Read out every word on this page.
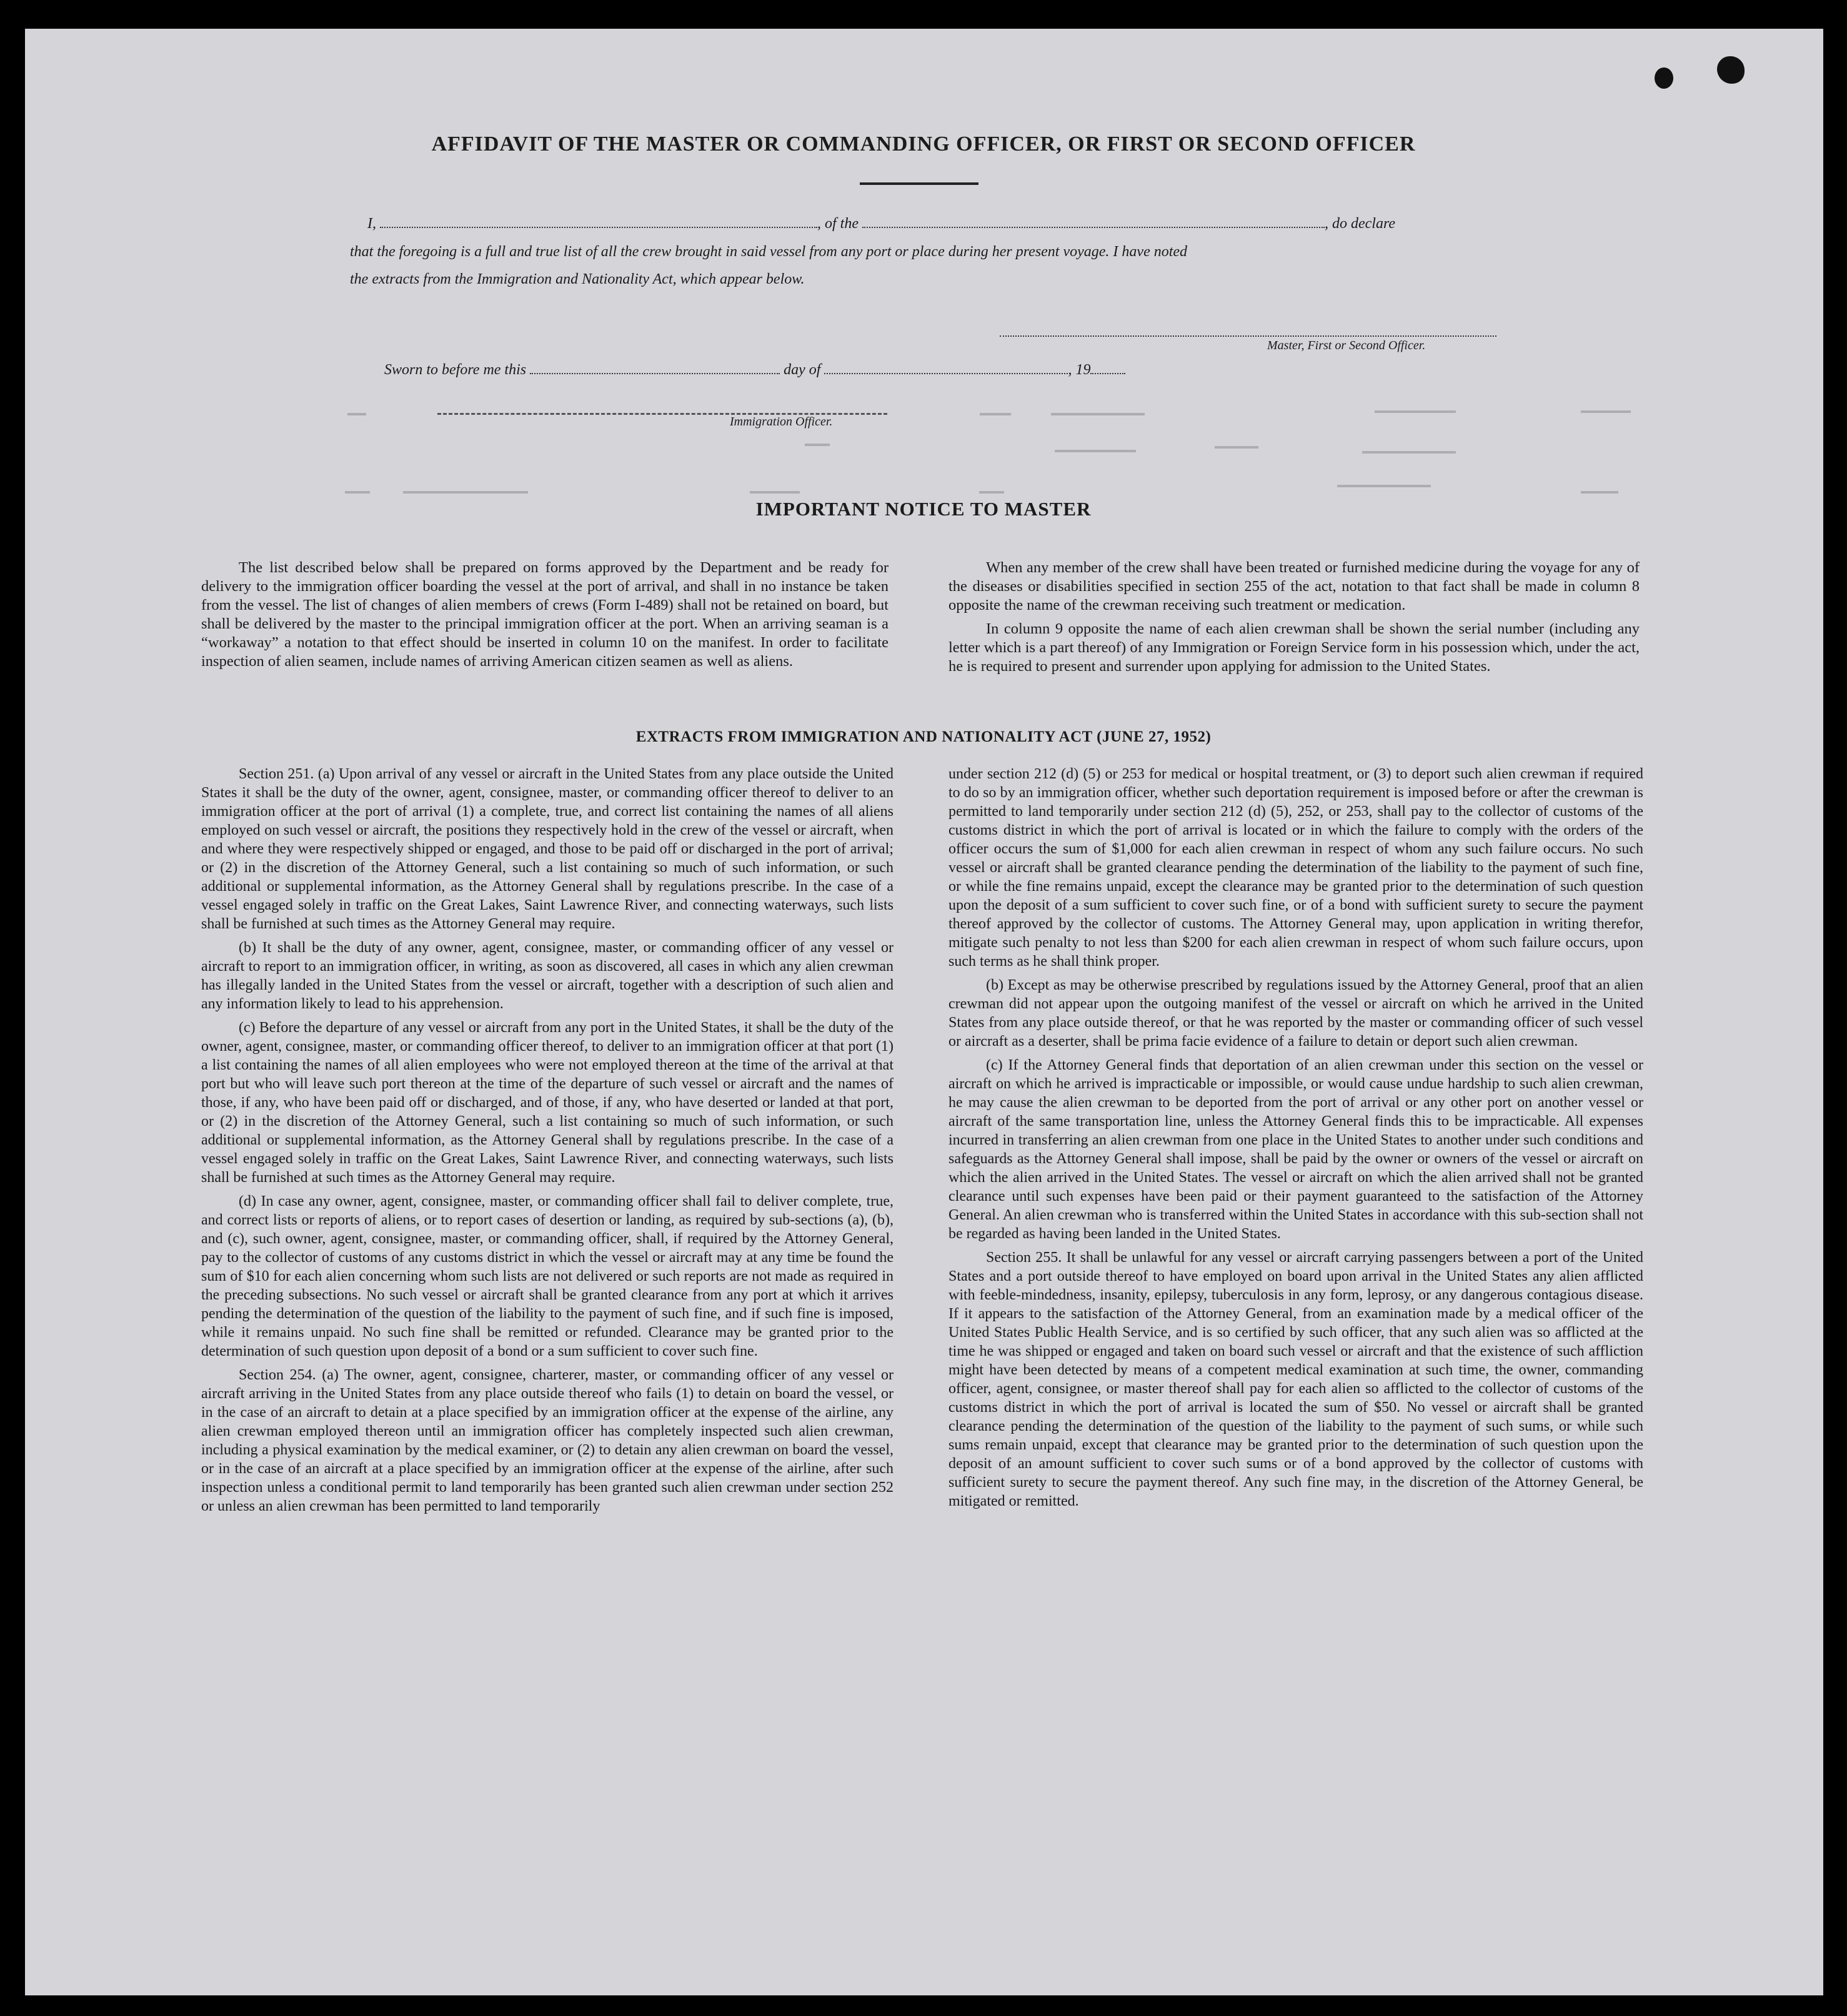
AFFIDAVIT OF THE MASTER OR COMMANDING OFFICER, OR FIRST OR SECOND OFFICER
I,	, of the	, do declare
that the foregoing is a full and true list of all the crew brought in said vessel from any port or place during her present voyage. I have noted
the extracts from the Immigration and Nationality Act, which appear below.
Master, First or Second Officer.
Sworn to before me this	day of	, 19
Immigration Officer.
IMPORTANT NOTICE TO MASTER

The list described below shall be prepared on forms approved by the Department and be ready for delivery to the immigration officer boarding the vessel at the port of arrival, and shall in no instance be taken from the vessel. The list of changes of alien members of crews (Form I-489) shall not be retained on board, but shall be delivered by the master to the principal immigration officer at the port. When an arriving seaman is a “workaway” a notation to that effect should be inserted in column 10 on the manifest. In order to facilitate inspection of alien seamen, include names of arriving American citizen seamen as well as aliens.

When any member of the crew shall have been treated or furnished medicine during the voyage for any of the diseases or disabilities specified in section 255 of the act, notation to that fact shall be made in column 8 opposite the name of the crewman receiving such treatment or medication.

In column 9 opposite the name of each alien crewman shall be shown the serial number (including any letter which is a part thereof) of any Immigration or Foreign Service form in his possession which, under the act, he is required to present and surrender upon applying for admission to the United States.

EXTRACTS FROM IMMIGRATION AND NATIONALITY ACT (JUNE 27, 1952)

Section 251. (a) Upon arrival of any vessel or aircraft in the United States from any place outside the United States it shall be the duty of the owner, agent, consignee, master, or commanding officer thereof to deliver to an immigration officer at the port of arrival (1) a complete, true, and correct list containing the names of all aliens employed on such vessel or aircraft, the positions they respectively hold in the crew of the vessel or aircraft, when and where they were respectively shipped or engaged, and those to be paid off or discharged in the port of arrival; or (2) in the discretion of the Attorney General, such a list containing so much of such information, or such additional or supplemental information, as the Attorney General shall by regulations prescribe. In the case of a vessel engaged solely in traffic on the Great Lakes, Saint Lawrence River, and connecting waterways, such lists shall be furnished at such times as the Attorney General may require.

(b) It shall be the duty of any owner, agent, consignee, master, or commanding officer of any vessel or aircraft to report to an immigration officer, in writing, as soon as discovered, all cases in which any alien crewman has illegally landed in the United States from the vessel or aircraft, together with a description of such alien and any information likely to lead to his apprehension.

(c) Before the departure of any vessel or aircraft from any port in the United States, it shall be the duty of the owner, agent, consignee, master, or commanding officer thereof, to deliver to an immigration officer at that port (1) a list containing the names of all alien employees who were not employed thereon at the time of the arrival at that port but who will leave such port thereon at the time of the departure of such vessel or aircraft and the names of those, if any, who have been paid off or discharged, and of those, if any, who have deserted or landed at that port, or (2) in the discretion of the Attorney General, such a list containing so much of such information, or such additional or supplemental information, as the Attorney General shall by regulations prescribe. In the case of a vessel engaged solely in traffic on the Great Lakes, Saint Lawrence River, and connecting waterways, such lists shall be furnished at such times as the Attorney General may require.

(d) In case any owner, agent, consignee, master, or commanding officer shall fail to deliver complete, true, and correct lists or reports of aliens, or to report cases of desertion or landing, as required by sub-sections (a), (b), and (c), such owner, agent, consignee, master, or commanding officer, shall, if required by the Attorney General, pay to the collector of customs of any customs district in which the vessel or aircraft may at any time be found the sum of $10 for each alien concerning whom such lists are not delivered or such reports are not made as required in the preceding subsections. No such vessel or aircraft shall be granted clearance from any port at which it arrives pending the determination of the question of the liability to the payment of such fine, and if such fine is imposed, while it remains unpaid. No such fine shall be remitted or refunded. Clearance may be granted prior to the determination of such question upon deposit of a bond or a sum sufficient to cover such fine.

Section 254. (a) The owner, agent, consignee, charterer, master, or commanding officer of any vessel or aircraft arriving in the United States from any place outside thereof who fails (1) to detain on board the vessel, or in the case of an aircraft to detain at a place specified by an immigration officer at the expense of the airline, any alien crewman employed thereon until an immigration officer has completely inspected such alien crewman, including a physical examination by the medical examiner, or (2) to detain any alien crewman on board the vessel, or in the case of an aircraft at a place specified by an immigration officer at the expense of the airline, after such inspection unless a conditional permit to land temporarily has been granted such alien crewman under section 252 or unless an alien crewman has been permitted to land temporarily

under section 212 (d) (5) or 253 for medical or hospital treatment, or (3) to deport such alien crewman if required to do so by an immigration officer, whether such deportation requirement is imposed before or after the crewman is permitted to land temporarily under section 212 (d) (5), 252, or 253, shall pay to the collector of customs of the customs district in which the port of arrival is located or in which the failure to comply with the orders of the officer occurs the sum of $1,000 for each alien crewman in respect of whom any such failure occurs. No such vessel or aircraft shall be granted clearance pending the determination of the liability to the payment of such fine, or while the fine remains unpaid, except the clearance may be granted prior to the determination of such question upon the deposit of a sum sufficient to cover such fine, or of a bond with sufficient surety to secure the payment thereof approved by the collector of customs. The Attorney General may, upon application in writing therefor, mitigate such penalty to not less than $200 for each alien crewman in respect of whom such failure occurs, upon such terms as he shall think proper.

(b) Except as may be otherwise prescribed by regulations issued by the Attorney General, proof that an alien crewman did not appear upon the outgoing manifest of the vessel or aircraft on which he arrived in the United States from any place outside thereof, or that he was reported by the master or commanding officer of such vessel or aircraft as a deserter, shall be prima facie evidence of a failure to detain or deport such alien crewman.

(c) If the Attorney General finds that deportation of an alien crewman under this section on the vessel or aircraft on which he arrived is impracticable or impossible, or would cause undue hardship to such alien crewman, he may cause the alien crewman to be deported from the port of arrival or any other port on another vessel or aircraft of the same transportation line, unless the Attorney General finds this to be impracticable. All expenses incurred in transferring an alien crewman from one place in the United States to another under such conditions and safeguards as the Attorney General shall impose, shall be paid by the owner or owners of the vessel or aircraft on which the alien arrived in the United States. The vessel or aircraft on which the alien arrived shall not be granted clearance until such expenses have been paid or their payment guaranteed to the satisfaction of the Attorney General. An alien crewman who is transferred within the United States in accordance with this sub-section shall not be regarded as having been landed in the United States.

Section 255. It shall be unlawful for any vessel or aircraft carrying passengers between a port of the United States and a port outside thereof to have employed on board upon arrival in the United States any alien afflicted with feeble-mindedness, insanity, epilepsy, tuberculosis in any form, leprosy, or any dangerous contagious disease. If it appears to the satisfaction of the Attorney General, from an examination made by a medical officer of the United States Public Health Service, and is so certified by such officer, that any such alien was so afflicted at the time he was shipped or engaged and taken on board such vessel or aircraft and that the existence of such affliction might have been detected by means of a competent medical examination at such time, the owner, commanding officer, agent, consignee, or master thereof shall pay for each alien so afflicted to the collector of customs of the customs district in which the port of arrival is located the sum of $50. No vessel or aircraft shall be granted clearance pending the determination of the question of the liability to the payment of such sums, or while such sums remain unpaid, except that clearance may be granted prior to the determination of such question upon the deposit of an amount sufficient to cover such sums or of a bond approved by the collector of customs with sufficient surety to secure the payment thereof. Any such fine may, in the discretion of the Attorney General, be mitigated or remitted.
